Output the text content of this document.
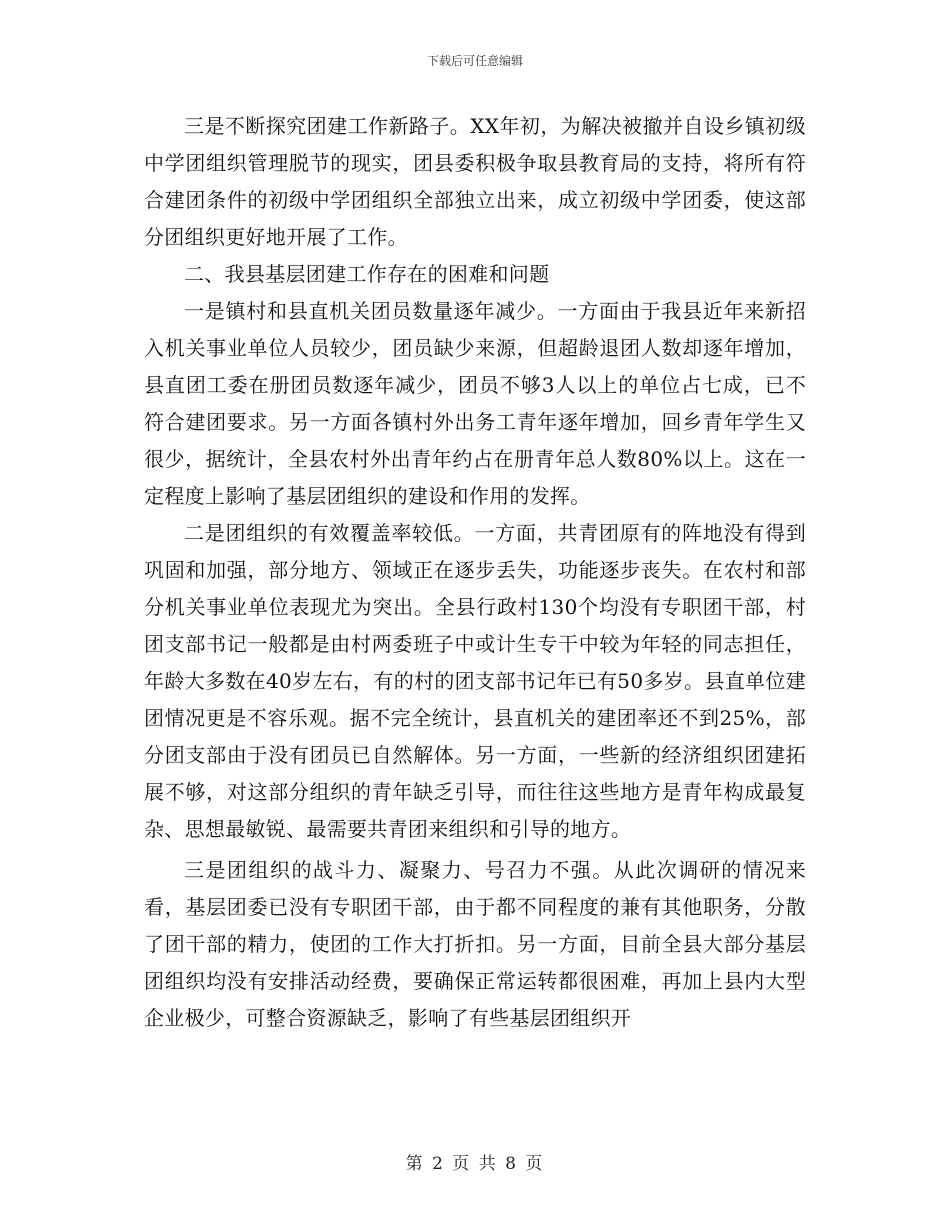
下载后可任意编辑

三是不断探究团建工作新路子。XX年初，为解决被撤并自设乡镇初级中学团组织管理脱节的现实，团县委积极争取县教育局的支持，将所有符合建团条件的初级中学团组织全部独立出来，成立初级中学团委，使这部分团组织更好地开展了工作。

二、我县基层团建工作存在的困难和问题

一是镇村和县直机关团员数量逐年减少。一方面由于我县近年来新招入机关事业单位人员较少，团员缺少来源，但超龄退团人数却逐年增加，县直团工委在册团员数逐年减少，团员不够3人以上的单位占七成，已不符合建团要求。另一方面各镇村外出务工青年逐年增加，回乡青年学生又很少，据统计，全县农村外出青年约占在册青年总人数80%以上。这在一定程度上影响了基层团组织的建设和作用的发挥。

二是团组织的有效覆盖率较低。一方面，共青团原有的阵地没有得到巩固和加强，部分地方、领域正在逐步丢失，功能逐步丧失。在农村和部分机关事业单位表现尤为突出。全县行政村130个均没有专职团干部，村团支部书记一般都是由村两委班子中或计生专干中较为年轻的同志担任，年龄大多数在40岁左右，有的村的团支部书记年已有50多岁。县直单位建团情况更是不容乐观。据不完全统计，县直机关的建团率还不到25%，部分团支部由于没有团员已自然解体。另一方面，一些新的经济组织团建拓展不够，对这部分组织的青年缺乏引导，而往往这些地方是青年构成最复杂、思想最敏锐、最需要共青团来组织和引导的地方。

三是团组织的战斗力、凝聚力、号召力不强。从此次调研的情况来看，基层团委已没有专职团干部，由于都不同程度的兼有其他职务，分散了团干部的精力，使团的工作大打折扣。另一方面，目前全县大部分基层团组织均没有安排活动经费，要确保正常运转都很困难，再加上县内大型企业极少，可整合资源缺乏，影响了有些基层团组织开

第 2 页 共 8 页
